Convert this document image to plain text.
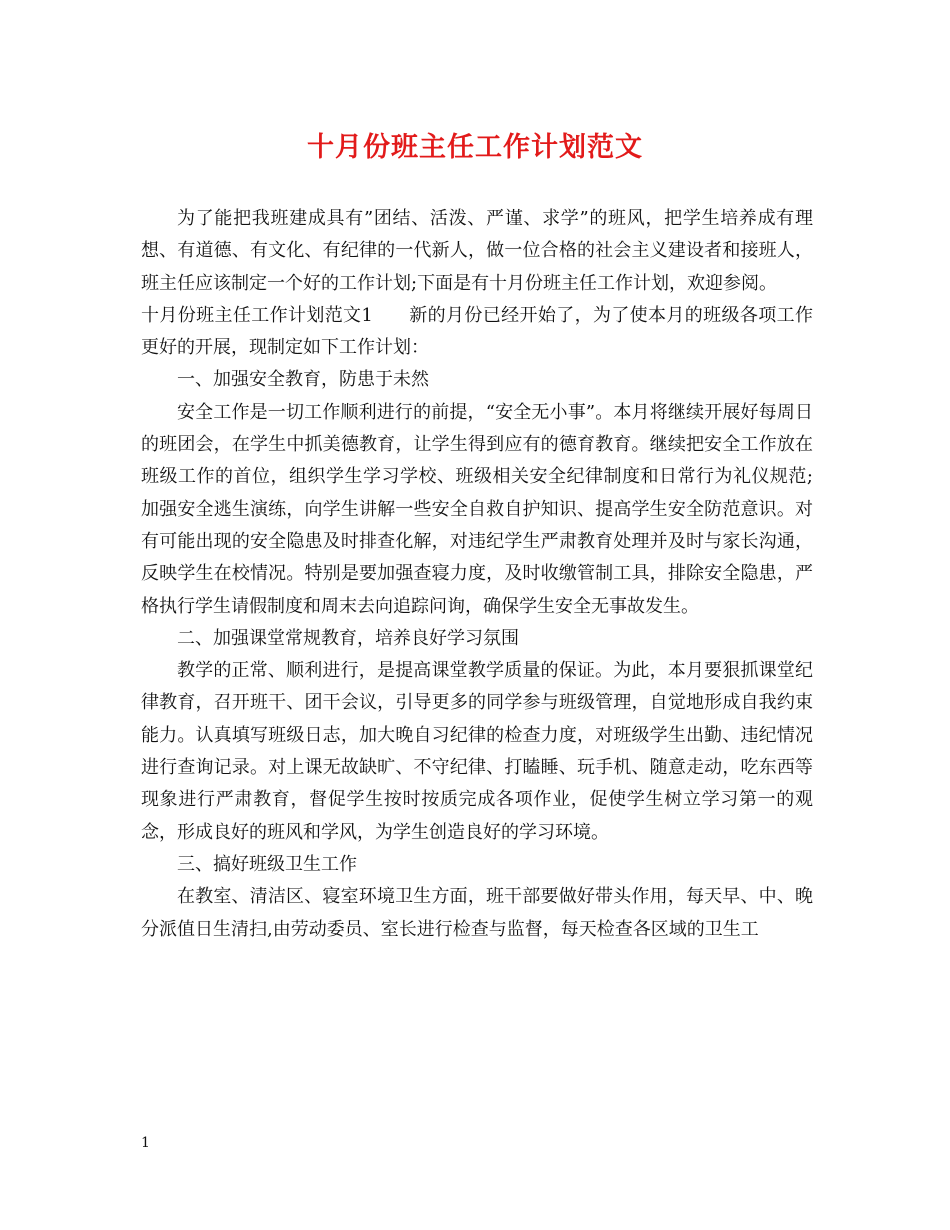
十月份班主任工作计划范文

为了能把我班建成具有”团结、活泼、严谨、求学”的班风，把学生培养成有理想、有道德、有文化、有纪律的一代新人，做一位合格的社会主义建设者和接班人，班主任应该制定一个好的工作计划;下面是有十月份班主任工作计划，欢迎参阅。

十月份班主任工作计划范文1 新的月份已经开始了，为了使本月的班级各项工作更好的开展，现制定如下工作计划：

一、加强安全教育，防患于未然

安全工作是一切工作顺利进行的前提，“安全无小事”。本月将继续开展好每周日的班团会，在学生中抓美德教育，让学生得到应有的德育教育。继续把安全工作放在班级工作的首位，组织学生学习学校、班级相关安全纪律制度和日常行为礼仪规范;加强安全逃生演练，向学生讲解一些安全自救自护知识、提高学生安全防范意识。对有可能出现的安全隐患及时排查化解，对违纪学生严肃教育处理并及时与家长沟通，反映学生在校情况。特别是要加强查寝力度，及时收缴管制工具，排除安全隐患，严格执行学生请假制度和周末去向追踪问询，确保学生安全无事故发生。

二、加强课堂常规教育，培养良好学习氛围

教学的正常、顺利进行，是提高课堂教学质量的保证。为此，本月要狠抓课堂纪律教育，召开班干、团干会议，引导更多的同学参与班级管理，自觉地形成自我约束能力。认真填写班级日志，加大晚自习纪律的检查力度，对班级学生出勤、违纪情况进行查询记录。对上课无故缺旷、不守纪律、打瞌睡、玩手机、随意走动，吃东西等现象进行严肃教育，督促学生按时按质完成各项作业，促使学生树立学习第一的观念，形成良好的班风和学风，为学生创造良好的学习环境。

三、搞好班级卫生工作

在教室、清洁区、寝室环境卫生方面，班干部要做好带头作用，每天早、中、晚分派值日生清扫,由劳动委员、室长进行检查与监督，每天检查各区域的卫生工

1
